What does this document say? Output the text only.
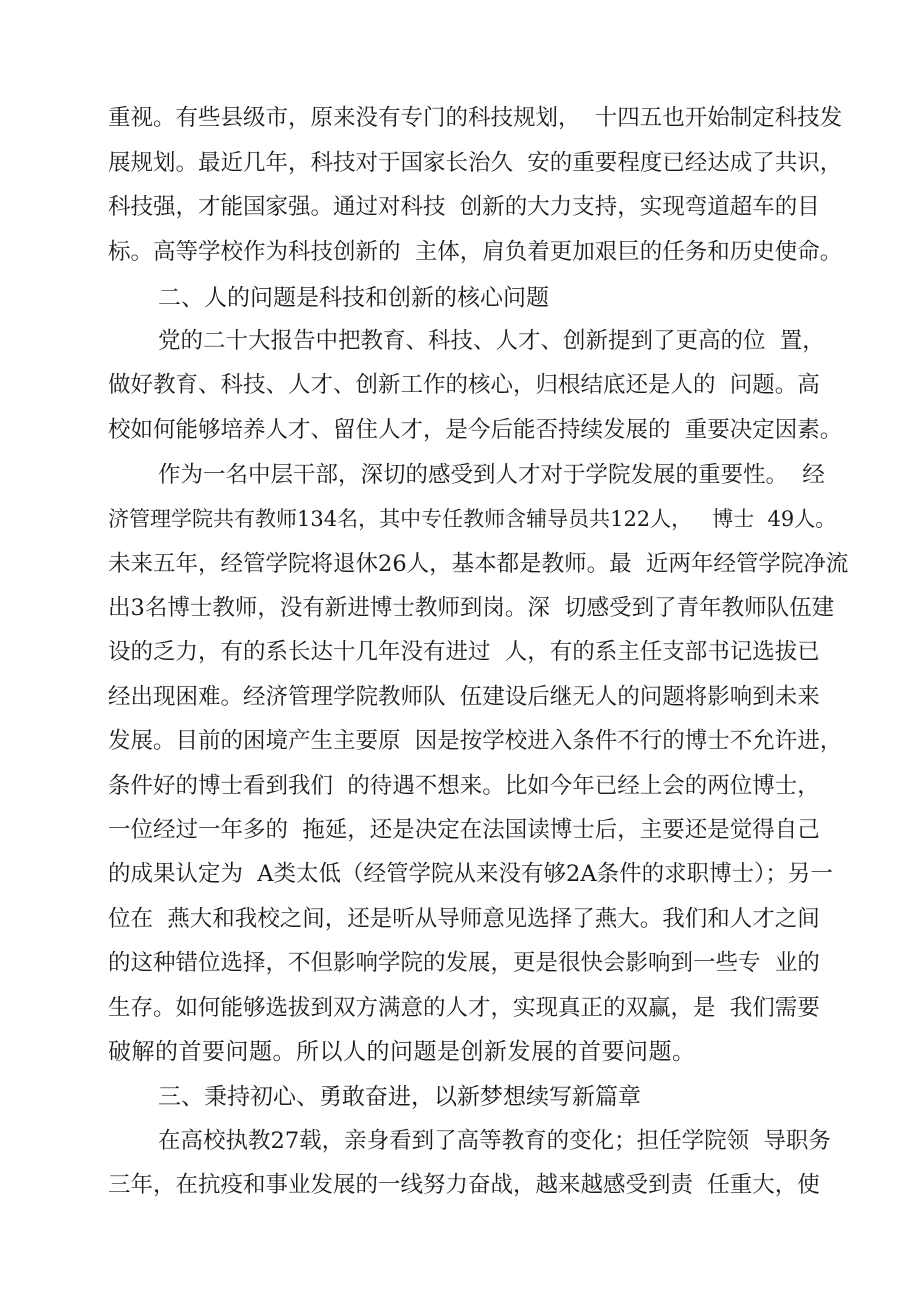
重视。有些县级市，原来没有专门的科技规划，  十四五也开始制定科技发
展规划。最近几年，科技对于国家长治久  安的重要程度已经达成了共识，
科技强，才能国家强。通过对科技  创新的大力支持，实现弯道超车的目
标。高等学校作为科技创新的  主体，肩负着更加艰巨的任务和历史使命。
二、人的问题是科技和创新的核心问题
党的二十大报告中把教育、科技、人才、创新提到了更高的位  置，
做好教育、科技、人才、创新工作的核心，归根结底还是人的  问题。高
校如何能够培养人才、留住人才，是今后能否持续发展的  重要决定因素。
作为一名中层干部，深切的感受到人才对于学院发展的重要性。  经
济管理学院共有教师134名，其中专任教师含辅导员共122人，   博士  49人。
未来五年，经管学院将退休26人，基本都是教师。最  近两年经管学院净流
出3名博士教师，没有新进博士教师到岗。深  切感受到了青年教师队伍建
设的乏力，有的系长达十几年没有进过  人，有的系主任支部书记选拔已
经出现困难。经济管理学院教师队  伍建设后继无人的问题将影响到未来
发展。目前的困境产生主要原  因是按学校进入条件不行的博士不允许进，
条件好的博士看到我们  的待遇不想来。比如今年已经上会的两位博士，
一位经过一年多的  拖延，还是决定在法国读博士后，主要还是觉得自己
的成果认定为  A类太低（经管学院从来没有够2A条件的求职博士）；另一
位在  燕大和我校之间，还是听从导师意见选择了燕大。我们和人才之间
的这种错位选择，不但影响学院的发展，更是很快会影响到一些专  业的
生存。如何能够选拔到双方满意的人才，实现真正的双赢，是  我们需要
破解的首要问题。所以人的问题是创新发展的首要问题。
三、秉持初心、勇敢奋进，以新梦想续写新篇章
在高校执教27载，亲身看到了高等教育的变化；担任学院领  导职务
三年，在抗疫和事业发展的一线努力奋战，越来越感受到责  任重大，使
